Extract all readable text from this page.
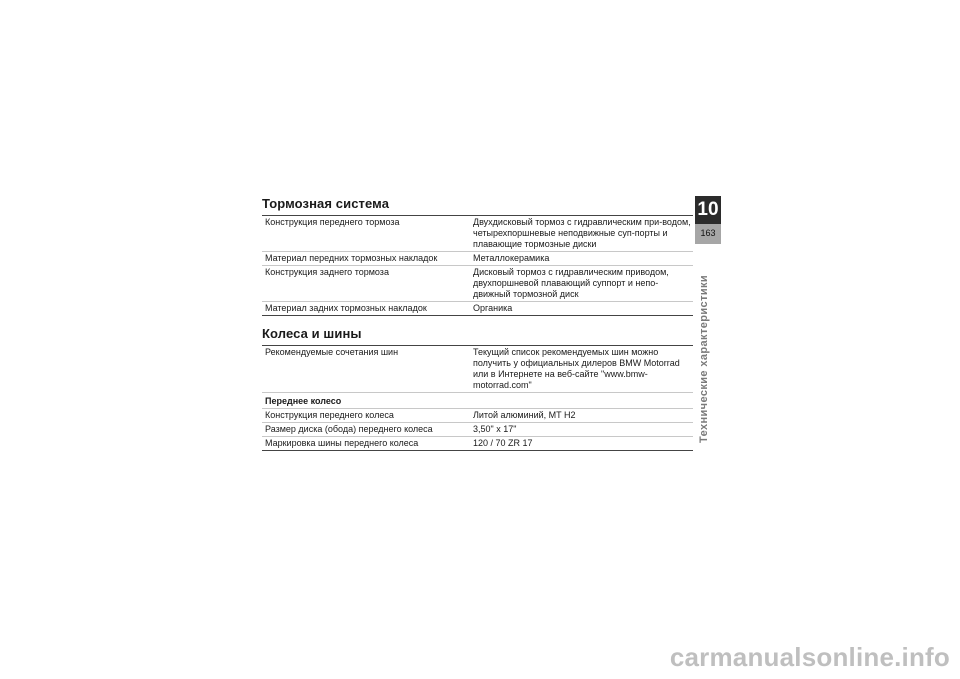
Тормозная система
Конструкция переднего тормоза	Двухдисковый тормоз с гидравлическим при-водом, четырехпоршневые неподвижные суп-порты и плавающие тормозные диски
Материал передних тормозных накладок	Металлокерамика
Конструкция заднего тормоза	Дисковый тормоз с гидравлическим приводом, двухпоршневой плавающий суппорт и непо-движный тормозной диск
Материал задних тормозных накладок	Органика
Колеса и шины
Рекомендуемые сочетания шин	Текущий список рекомендуемых шин можно получить у официальных дилеров BMW Motorrad или в Интернете на веб-сайте "www.bmw-motorrad.com"
Переднее колесо	
Конструкция переднего колеса	Литой алюминий, MT H2
Размер диска (обода) переднего колеса	3,50" x 17"
Маркировка шины переднего колеса	120 / 70 ZR 17
10
163
Технические характеристики
carmanualsonline.info
